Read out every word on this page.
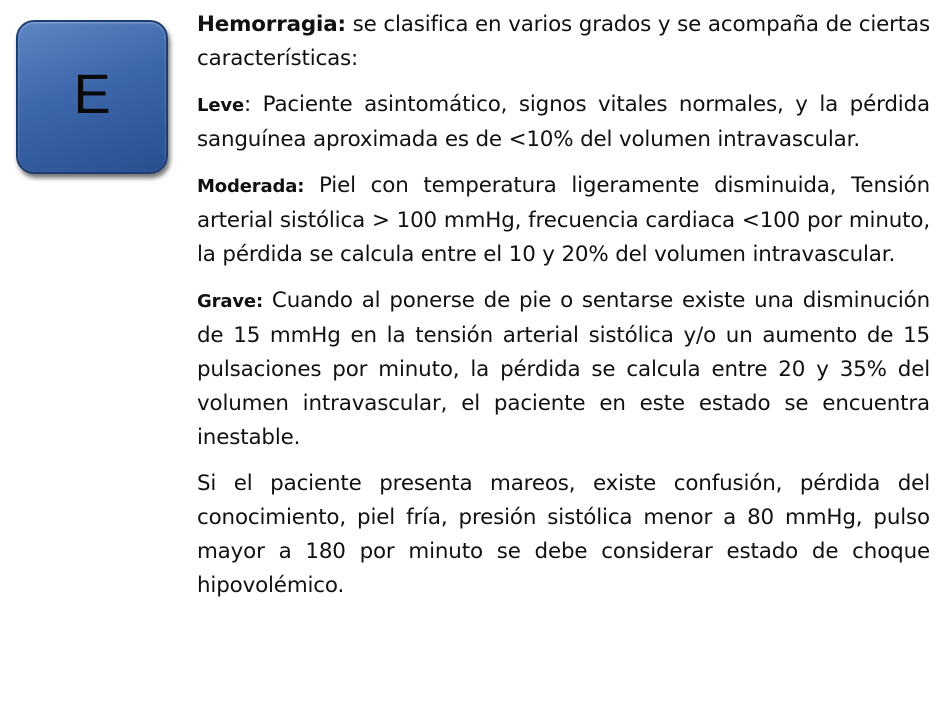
E

Hemorragia: se clasifica en varios grados y se acompaña de ciertas características:

Leve: Paciente asintomático, signos vitales normales, y la pérdida sanguínea aproximada es de <10% del volumen intravascular.

Moderada: Piel con temperatura ligeramente disminuida, Tensión arterial sistólica > 100 mmHg, frecuencia cardiaca <100 por minuto, la pérdida se calcula entre el 10 y 20% del volumen intravascular.

Grave: Cuando al ponerse de pie o sentarse existe una disminución de 15 mmHg en la tensión arterial sistólica y/o un aumento de 15 pulsaciones por minuto, la pérdida se calcula entre 20 y 35% del volumen intravascular, el paciente en este estado se encuentra inestable.

Si el paciente presenta mareos, existe confusión, pérdida del conocimiento, piel fría, presión sistólica menor a 80 mmHg, pulso mayor a 180 por minuto se debe considerar estado de choque hipovolémico.
